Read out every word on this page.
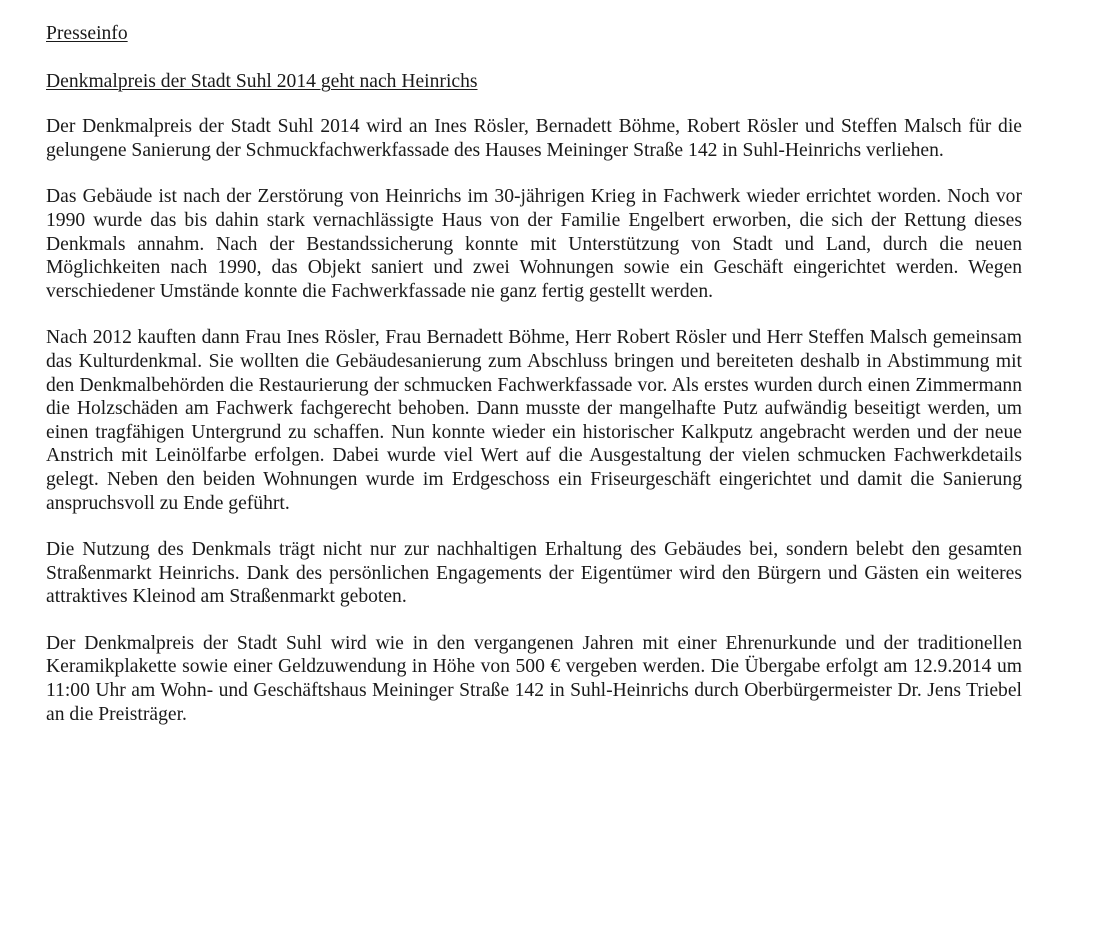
Presseinfo

Denkmalpreis der Stadt Suhl 2014 geht nach Heinrichs

Der Denkmalpreis der Stadt Suhl 2014 wird an Ines Rösler, Bernadett Böhme, Robert Rösler und Steffen Malsch für die gelungene Sanierung der Schmuckfachwerkfassade des Hauses Meininger Straße 142 in Suhl-Heinrichs verliehen.

Das Gebäude ist nach der Zerstörung von Heinrichs im 30-jährigen Krieg in Fachwerk wieder errichtet worden. Noch vor 1990 wurde das bis dahin stark vernachlässigte Haus von der Familie Engelbert erworben, die sich der Rettung dieses Denkmals annahm. Nach der Bestandssicherung konnte mit Unterstützung von Stadt und Land, durch die neuen Möglichkeiten nach 1990, das Objekt saniert und zwei Wohnungen sowie ein Geschäft eingerichtet werden. Wegen verschiedener Umstände konnte die Fachwerkfassade nie ganz fertig gestellt werden.

Nach 2012 kauften dann Frau Ines Rösler, Frau Bernadett Böhme, Herr Robert Rösler und Herr Steffen Malsch gemeinsam das Kulturdenkmal. Sie wollten die Gebäudesanierung zum Abschluss bringen und bereiteten deshalb in Abstimmung mit den Denkmalbehörden die Restaurierung der schmucken Fachwerkfassade vor. Als erstes wurden durch einen Zimmermann die Holzschäden am Fachwerk fachgerecht behoben. Dann musste der mangelhafte Putz aufwändig beseitigt werden, um einen tragfähigen Untergrund zu schaffen. Nun konnte wieder ein historischer Kalkputz angebracht werden und der neue Anstrich mit Leinölfarbe erfolgen. Dabei wurde viel Wert auf die Ausgestaltung der vielen schmucken Fachwerkdetails gelegt. Neben den beiden Wohnungen wurde im Erdgeschoss ein Friseurgeschäft eingerichtet und damit die Sanierung anspruchsvoll zu Ende geführt.

Die Nutzung des Denkmals trägt nicht nur zur nachhaltigen Erhaltung des Gebäudes bei, sondern belebt den gesamten Straßenmarkt Heinrichs. Dank des persönlichen Engagements der Eigentümer wird den Bürgern und Gästen ein weiteres attraktives Kleinod am Straßenmarkt geboten.

Der Denkmalpreis der Stadt Suhl wird wie in den vergangenen Jahren mit einer Ehrenurkunde und der traditionellen Keramikplakette sowie einer Geldzuwendung in Höhe von 500 € vergeben werden. Die Übergabe erfolgt am 12.9.2014 um 11:00 Uhr am Wohn- und Geschäftshaus Meininger Straße 142 in Suhl-Heinrichs durch Oberbürgermeister Dr. Jens Triebel an die Preisträger.
